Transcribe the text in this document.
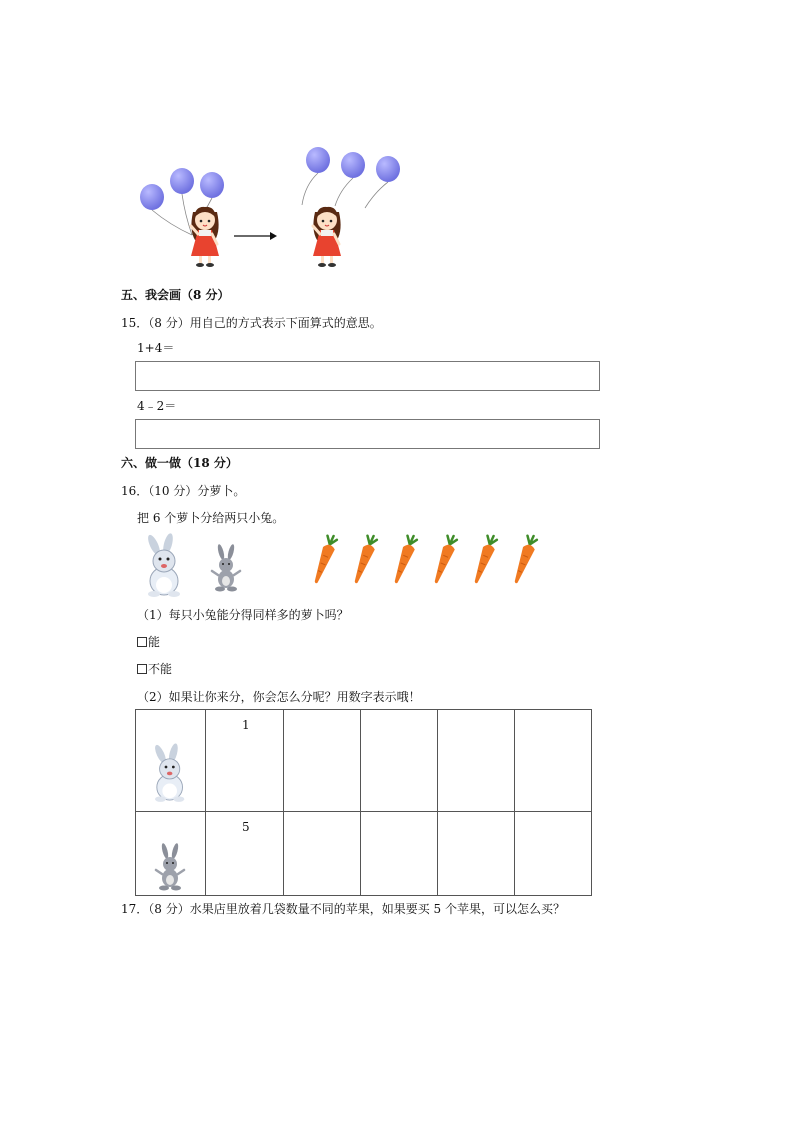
五、我会画（8 分）
15．（8 分）用自己的方式表示下面算式的意思。
1+4＝
4﹣2＝
六、做一做（18 分）
16．（10 分）分萝卜。
把 6 个萝卜分给两只小兔。
（1）每只小兔能分得同样多的萝卜吗？
能
不能
（2）如果让你来分，你会怎么分呢？用数字表示哦！

1				

5				

17．（8 分）水果店里放着几袋数量不同的苹果，如果要买 5 个苹果，可以怎么买？
